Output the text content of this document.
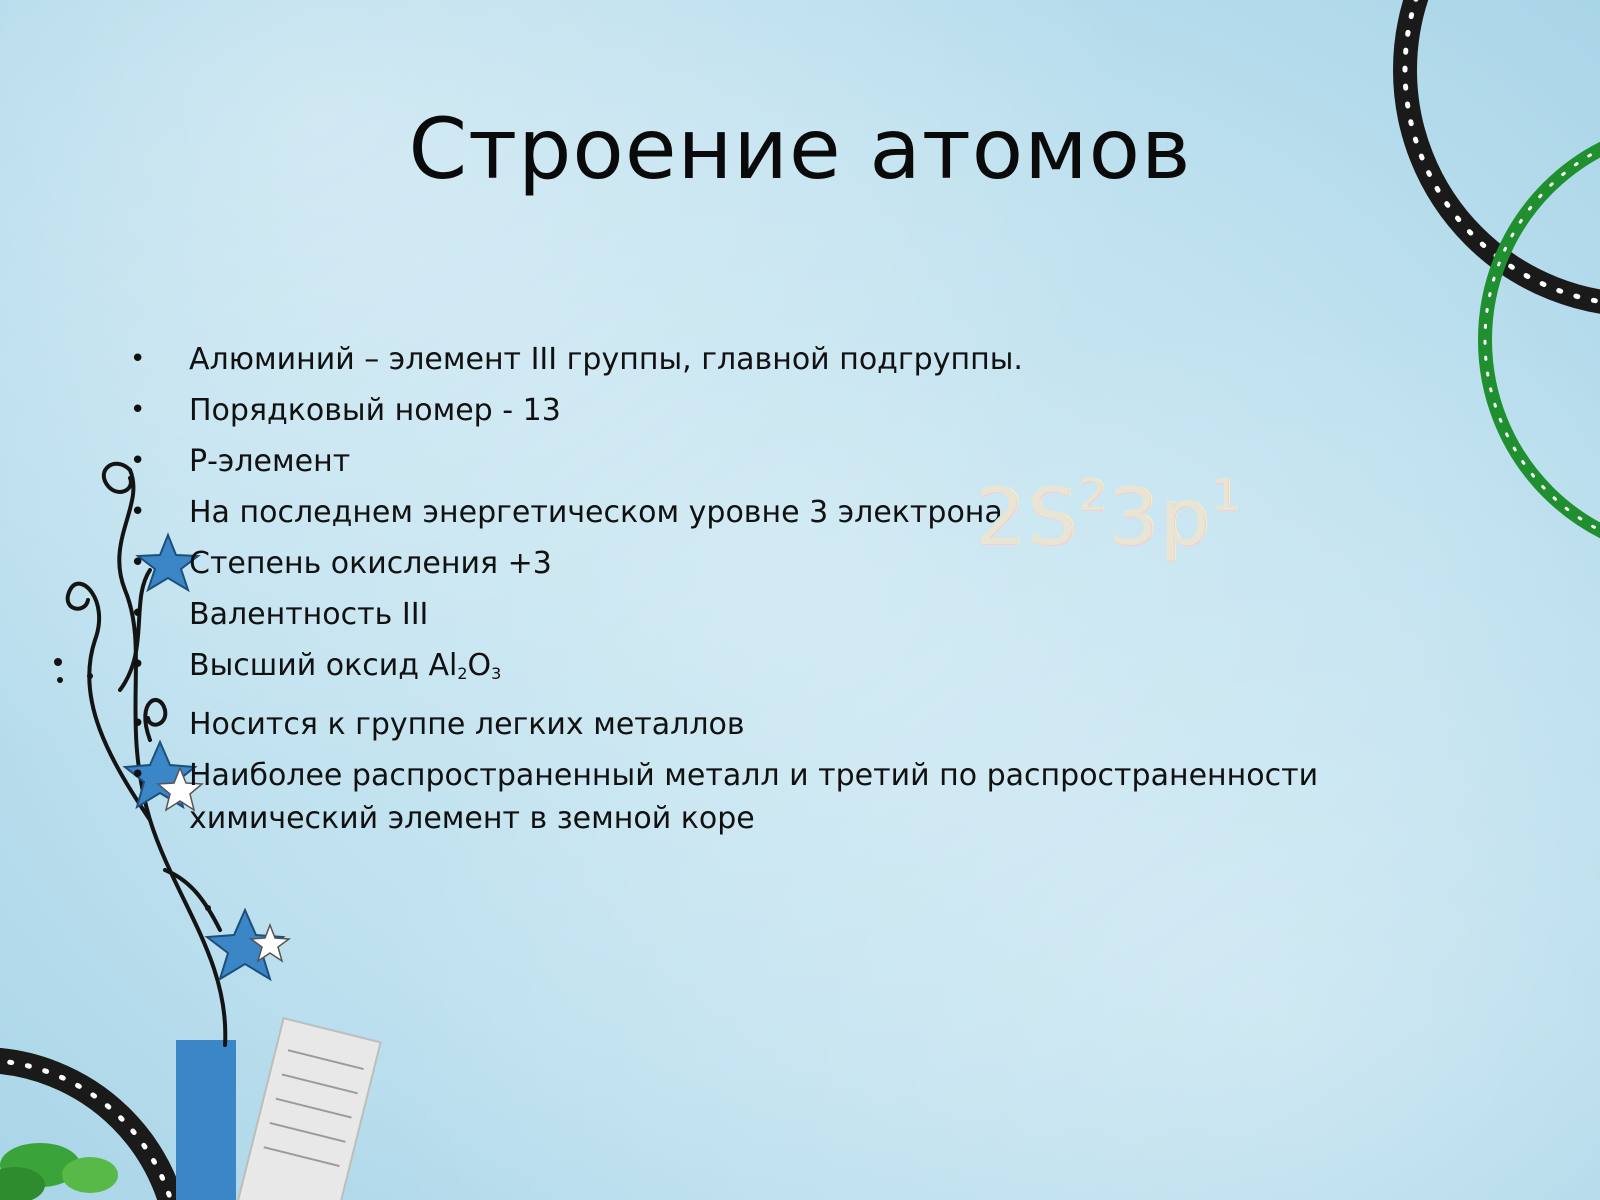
Строение атомов
• Алюминий – элемент III группы, главной подгруппы.
• Порядковый номер - 13
• Р-элемент
• На последнем энергетическом уровне 3 электрона
• Степень окисления +3
• Валентность III
• Высший оксид $Al_2O_3$
• Носится к группе легких металлов
• Наиболее распространенный металл и третий по распространенности химический элемент в земной коре
$2S^23p^1$
